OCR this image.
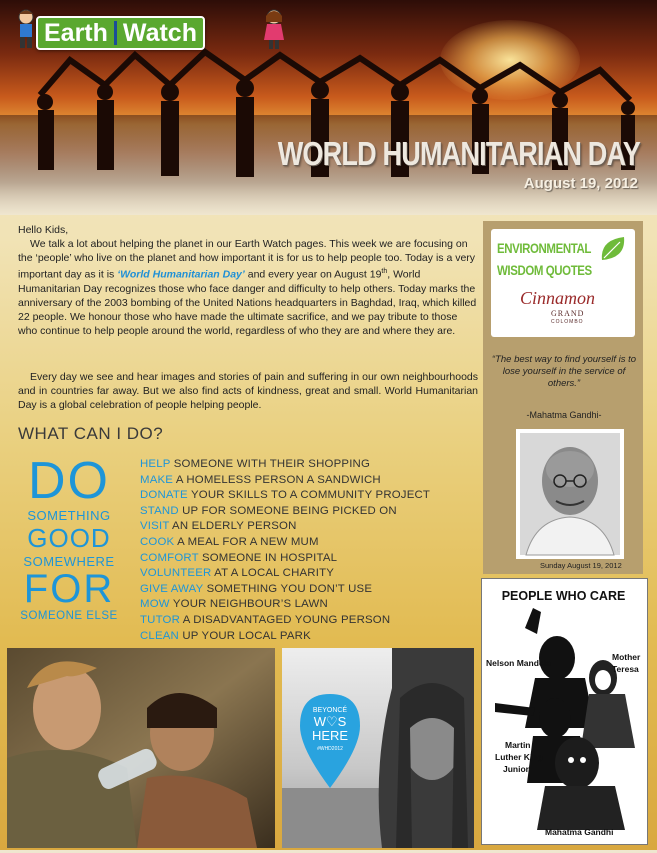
Earth Watch
WORLD HUMANITARIAN DAY
August 19, 2012
Hello Kids,
We talk a lot about helping the planet in our Earth Watch pages. This week we are focusing on the ‘people’ who live on the planet and how important it is for us to help people too. Today is a very important day as it is ‘World Humanitarian Day’ and every year on August 19th, World Humanitarian Day recognizes those who face danger and difficulty to help others. Today marks the anniversary of the 2003 bombing of the United Nations headquarters in Baghdad, Iraq, which killed 22 people. We honour those who have made the ultimate sacrifice, and we pay tribute to those who continue to help people around the world, regardless of who they are and where they are.
Every day we see and hear images and stories of pain and suffering in our own neighbourhoods and in countries far away. But we also find acts of kindness, great and small. World Humanitarian Day is a global celebration of people helping people.
WHAT CAN I DO?
DO
SOMETHING
GOOD
SOMEWHERE
FOR
SOMEONE ELSE
HELP SOMEONE WITH THEIR SHOPPING
MAKE A HOMELESS PERSON A SANDWICH
DONATE YOUR SKILLS TO A COMMUNITY PROJECT
STAND UP FOR SOMEONE BEING PICKED ON
VISIT AN ELDERLY PERSON
COOK A MEAL FOR A NEW MUM
COMFORT SOMEONE IN HOSPITAL
VOLUNTEER AT A LOCAL CHARITY
GIVE AWAY SOMETHING YOU DON’T USE
MOW YOUR NEIGHBOUR’S LAWN
TUTOR A DISADVANTAGED YOUNG PERSON
CLEAN UP YOUR LOCAL PARK
ENVIRONMENTAL
WISDOM QUOTES
Cinnamon
GRAND
COLOMBO
“The best way to find yourself is to lose yourself in the service of others.”
-Mahatma Gandhi-
Sunday August 19, 2012
PEOPLE WHO CARE
Nelson Mandela
Mother
Teresa
Martin
Luther King
Junior
Mahatma Gandhi
BEYONCÉ
W♡S
HERE
#WHD2012
